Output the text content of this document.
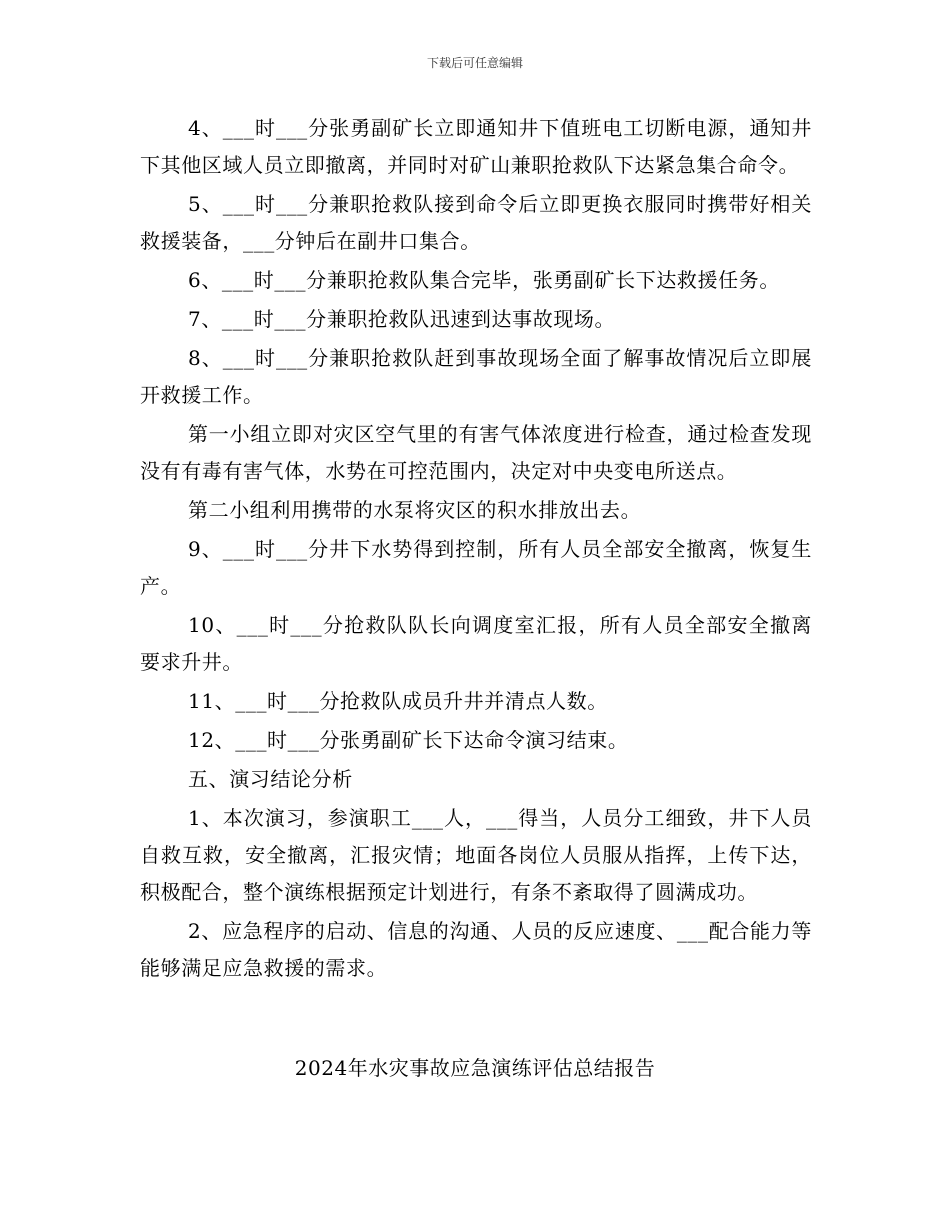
下载后可任意编辑

4、___时___分张勇副矿长立即通知井下值班电工切断电源，通知井下其他区域人员立即撤离，并同时对矿山兼职抢救队下达紧急集合命令。

5、___时___分兼职抢救队接到命令后立即更换衣服同时携带好相关救援装备，___分钟后在副井口集合。

6、___时___分兼职抢救队集合完毕，张勇副矿长下达救援任务。

7、___时___分兼职抢救队迅速到达事故现场。

8、___时___分兼职抢救队赶到事故现场全面了解事故情况后立即展开救援工作。

第一小组立即对灾区空气里的有害气体浓度进行检查，通过检查发现没有有毒有害气体，水势在可控范围内，决定对中央变电所送点。

第二小组利用携带的水泵将灾区的积水排放出去。

9、___时___分井下水势得到控制，所有人员全部安全撤离，恢复生产。

10、___时___分抢救队队长向调度室汇报，所有人员全部安全撤离要求升井。

11、___时___分抢救队成员升井并清点人数。

12、___时___分张勇副矿长下达命令演习结束。

五、演习结论分析

1、本次演习，参演职工___人，___得当，人员分工细致，井下人员自救互救，安全撤离，汇报灾情；地面各岗位人员服从指挥，上传下达，积极配合，整个演练根据预定计划进行，有条不紊取得了圆满成功。

2、应急程序的启动、信息的沟通、人员的反应速度、___配合能力等能够满足应急救援的需求。

2024年水灾事故应急演练评估总结报告
